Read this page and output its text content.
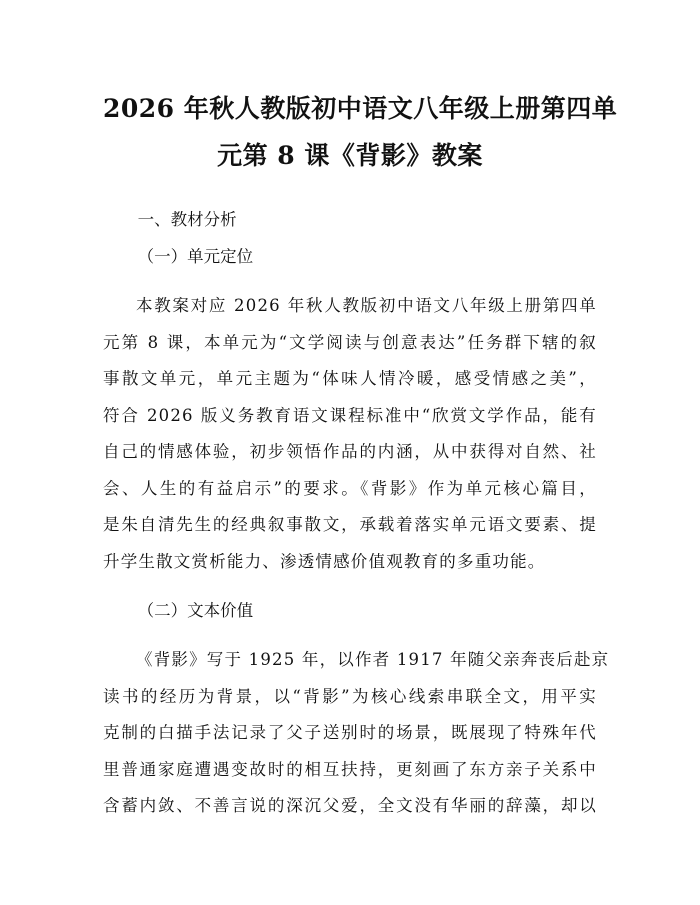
2026 年秋人教版初中语文八年级上册第四单
元第 8 课《背影》教案

一、教材分析

（一）单元定位

本教案对应 2026 年秋人教版初中语文八年级上册第四单
元第 8 课，本单元为“文学阅读与创意表达”任务群下辖的叙
事散文单元，单元主题为“体味人情冷暖，感受情感之美”，
符合 2026 版义务教育语文课程标准中“欣赏文学作品，能有
自己的情感体验，初步领悟作品的内涵，从中获得对自然、社
会、人生的有益启示”的要求。《背影》作为单元核心篇目，
是朱自清先生的经典叙事散文，承载着落实单元语文要素、提
升学生散文赏析能力、渗透情感价值观教育的多重功能。

（二）文本价值

《背影》写于 1925 年，以作者 1917 年随父亲奔丧后赴京
读书的经历为背景，以“背影”为核心线索串联全文，用平实
克制的白描手法记录了父子送别时的场景，既展现了特殊年代
里普通家庭遭遇变故时的相互扶持，更刻画了东方亲子关系中
含蓄内敛、不善言说的深沉父爱，全文没有华丽的辞藻，却以
